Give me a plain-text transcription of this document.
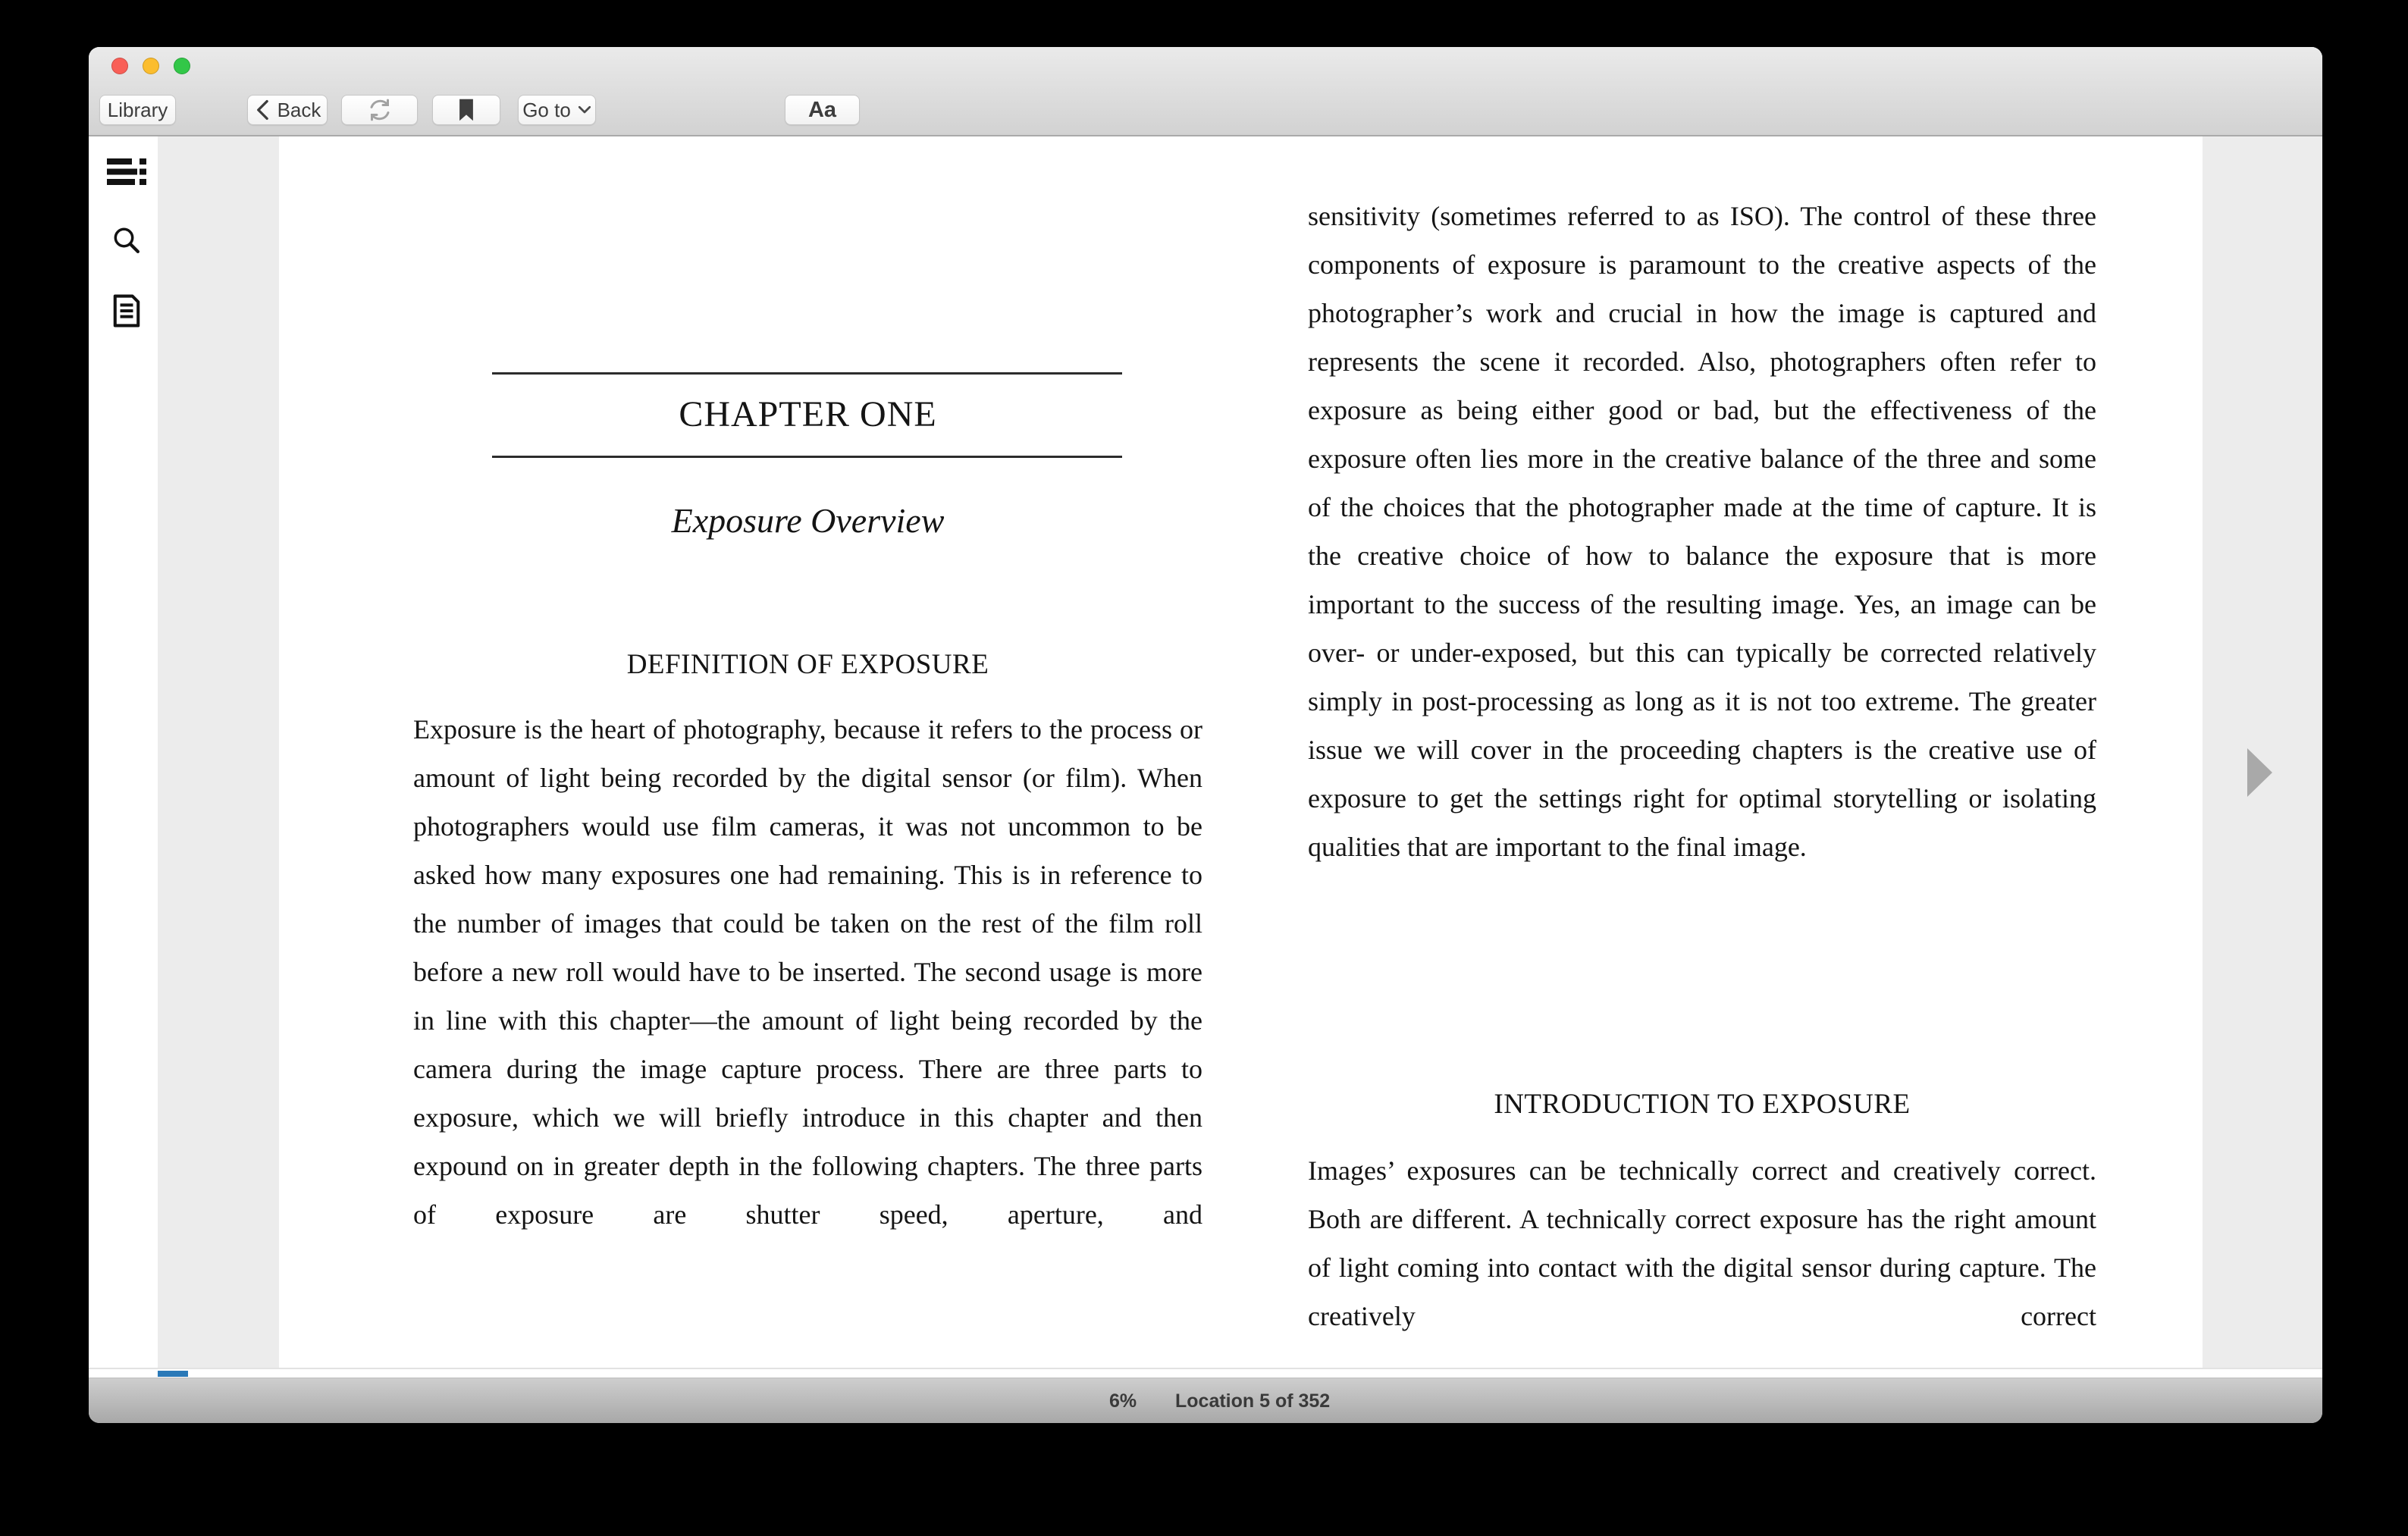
Library	Back	Go to	Aa
CHAPTER ONE
Exposure Overview
DEFINITION OF EXPOSURE
Exposure is the heart of photography, because it refers to the process or amount of light being recorded by the digital sensor (or film). When photographers would use film cameras, it was not uncommon to be asked how many exposures one had remaining. This is in reference to the number of images that could be taken on the rest of the film roll before a new roll would have to be inserted. The second usage is more in line with this chapter—the amount of light being recorded by the camera during the image capture process. There are three parts to exposure, which we will briefly introduce in this chapter and then expound on in greater depth in the following chapters. The three parts of exposure are shutter speed, aperture, and
sensitivity (sometimes referred to as ISO). The control of these three components of exposure is paramount to the creative aspects of the photographer’s work and crucial in how the image is captured and represents the scene it recorded. Also, photographers often refer to exposure as being either good or bad, but the effectiveness of the exposure often lies more in the creative balance of the three and some of the choices that the photographer made at the time of capture. It is the creative choice of how to balance the exposure that is more important to the success of the resulting image. Yes, an image can be over- or under-exposed, but this can typically be corrected relatively simply in post-processing as long as it is not too extreme. The greater issue we will cover in the proceeding chapters is the creative use of exposure to get the settings right for optimal storytelling or isolating qualities that are important to the final image.
INTRODUCTION TO EXPOSURE
Images’ exposures can be technically correct and creatively correct. Both are different. A technically correct exposure has the right amount of light coming into contact with the digital sensor during capture. The creatively correct
6% Location 5 of 352
